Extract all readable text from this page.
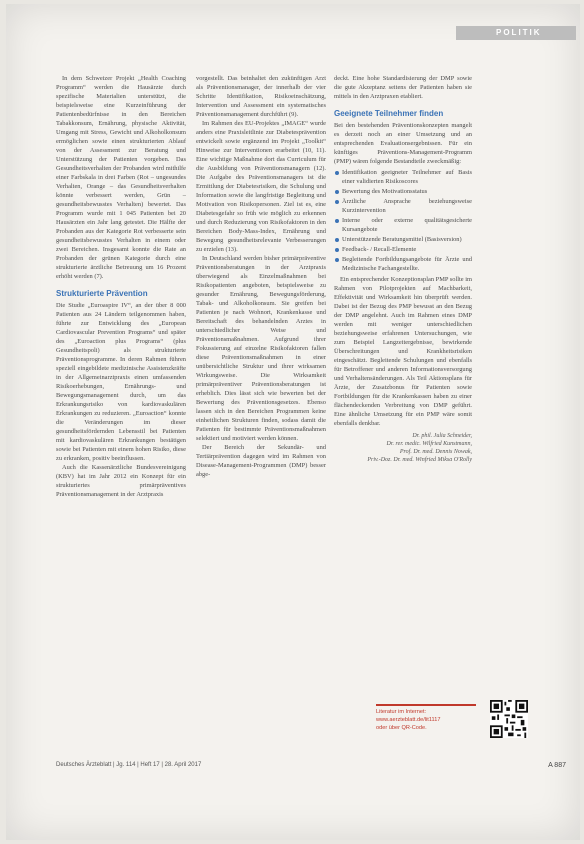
POLITIK

In dem Schweizer Projekt „Health Coaching Programm“ werden die Hausärzte durch spezifische Materialien unterstützt, die beispielsweise eine Kurzeinführung der Patientenbedürfnisse in den Bereichen Tabakkonsum, Ernährung, physische Aktivität, Umgang mit Stress, Gewicht und Alkoholkonsum ermöglichen sowie einen strukturierten Ablauf von der Assessment zur Beratung und Unterstützung der Patienten vorgeben. Das Gesundheitsverhalten der Probanden wird mithilfe einer Farbskala in drei Farben (Rot – ungesundes Verhalten, Orange – das Gesundheitsverhalten könnte verbessert werden, Grün – gesundheitsbewusstes Verhalten) bewertet. Das Programm wurde mit 1 045 Patienten bei 20 Hausärzten ein Jahr lang getestet. Die Hälfte der Probanden aus der Kategorie Rot verbesserte sein gesundheitsbewusstes Verhalten in einem oder zwei Bereichen. Insgesamt konnte die Rate an Probanden der grünen Kategorie durch eine strukturierte ärztliche Betreuung um 16 Prozent erhöht werden (7).

Strukturierte Prävention

Die Studie „Euroaspire IV“, an der über 8 000 Patienten aus 24 Ländern teilgenommen haben, führte zur Entwicklung des „European Cardiovascular Prevention Programs“ und später des „Euroaction plus Programs“ (plus Gesundheitspoli) als strukturierte Präventionsprogramme. In deren Rahmen führen speziell eingebildete medizinische Assistenzkräfte in der Allgemeinarztpraxis einen umfassenden Risikoerhebungen, Ernährungs- und Bewegungsmanagement durch, um das Erkrankungsrisiko von kardiovaskulären Erkrankungen zu reduzieren. „Euroaction“ konnte die Veränderungen im dieser gesundheitsfördernden Lebensstil bei Patienten mit kardiovaskulären Erkrankungen bestätigen sowie bei Patienten mit einem hohen Risiko, diese zu erkranken, positiv beeinflussen.

Auch die Kassenärztliche Bundesvereinigung (KBV) hat im Jahr 2012 ein Konzept für ein strukturiertes primärpräventives Präventionsmanagement in der Arztpraxis

vorgestellt. Das beinhaltet den zukünftigen Arzt als Präventionsmanager, der innerhalb der vier Schritte Identifikation, Risikoeinschätzung, Intervention und Assessment ein systematisches Präventionsmanagement durchführt (9).

Im Rahmen des EU-Projektes „IMAGE“ wurde anders eine Praxisleitlinie zur Diabetesprävention entwickelt sowie ergänzend im Projekt „Toolkit“ Hinweise zur Interventionen erarbeitet (10, 11). Eine wichtige Maßnahme dort das Curriculum für die Ausbildung von Präventionsmanagern (12). Die Aufgabe des Präventionsmanagers ist die Ermittlung der Diabetesrisiken, die Schulung und Information sowie die langfristige Begleitung und Motivation von Risikopersonen. Ziel ist es, eine Diabetesgefahr so früh wie möglich zu erkennen und durch Reduzierung von Risikofaktoren in den Bereichen Body-Mass-Index, Ernährung und Bewegung gesundheitsrelevante Verbesserungen zu erzielen (13).

In Deutschland werden bisher primärpräventive Präventionsberatungen in der Arztpraxis überwiegend als Einzelmaßnahmen bei Risikopatienten angeboten, beispielsweise zu gesunder Ernährung, Bewegungsförderung, Tabak- und Alkoholkonsum. Sie greifen bei Patienten je nach Wohnort, Krankenkasse und Bereitschaft des behandelnden Arztes in unterschiedlicher Weise und Präventionsmaßnahmen. Aufgrund ihrer Fokussierung auf einzelne Risikofaktoren fallen diese Präventionsmaßnahmen in einer unübersichtliche Struktur und ihrer wirksamen Wirkungsweise. Die Wirksamkeit primärpräventiver Präventionsberatungen ist erheblich. Dies lässt sich wie bewerten bei der Bewertung des Präventionsgesetzes. Ebenso lassen sich in den Bereichen Programmen keine einheitlichen Strukturen finden, sodass damit die Patienten für bestimmte Präventionsmaßnahmen selektiert und motiviert werden können.

Der Bereich der Sekundär- und Tertiärprävention dagegen wird im Rahmen von Disease-Management-Programmen (DMP) besser abge-

deckt. Eine hohe Standardisierung der DMP sowie die gute Akzeptanz seitens der Patienten haben sie mittels in den Arztpraxen etabliert.

Geeignete Teilnehmer finden

Bei den bestehenden Präventionskonzepten mangelt es derzeit noch an einer Umsetzung und an entsprechenden Evaluationsergebnissen. Für ein künftiges Präventions-Management-Programm (PMP) wären folgende Bestandteile zweckmäßig:

Identifikation geeigneter Teilnehmer auf Basis einer validierten Risikoscores
Bewertung des Motivationsstatus
Ärztliche Ansprache beziehungsweise Kurzintervention
Interne oder externe qualitätsgesicherte Kursangebote
Unterstützende Beratungsmittel (Basisversion)
Feedback- / Recall-Elemente
Begleitende Fortbildungsangebote für Ärzte und Medizinische Fachangestellte.

Ein entsprechender Konzeptionsplan PMP sollte im Rahmen von Pilotprojekten auf Machbarkeit, Effektivität und Wirksamkeit hin überprüft werden. Dabei ist der Bezug des PMP bewusst an den Bezug der DMP angelehnt. Auch im Rahmen eines DMP werden mit weniger unterschiedlichen beziehungsweise erfahrenen Untersuchungen, wie zum Beispiel Langzeitergebnisse, bewirkende Überschreitungen und Krankheitsrisiken eingeschätzt. Begleitende Schulungen und ebenfalls für Betroffener und anderen Informationsversorgung und Verhaltensänderungen. Als Teil Aktionsplans für Ärzte, der Zusatzbonus für Patienten sowie Fortbildungen für die Krankenkassen haben zu einer flächendeckenden Verbreitung von DMP geführt. Eine ähnliche Umsetzung für ein PMP wäre somit ebenfalls denkbar.

Dr. phil. Julia Schneider,
Dr. rer. medic. Wilfried Kunstmann,
Prof. Dr. med. Dennis Nowak,
Priv.-Doz. Dr. med. Winfried Miksa O'Rolly
Literatur im Internet:
www.aerzteblatt.de/lit1117
oder über QR-Code.
Deutsches Ärzteblatt | Jg. 114 | Heft 17 | 28. April 2017	A 887
